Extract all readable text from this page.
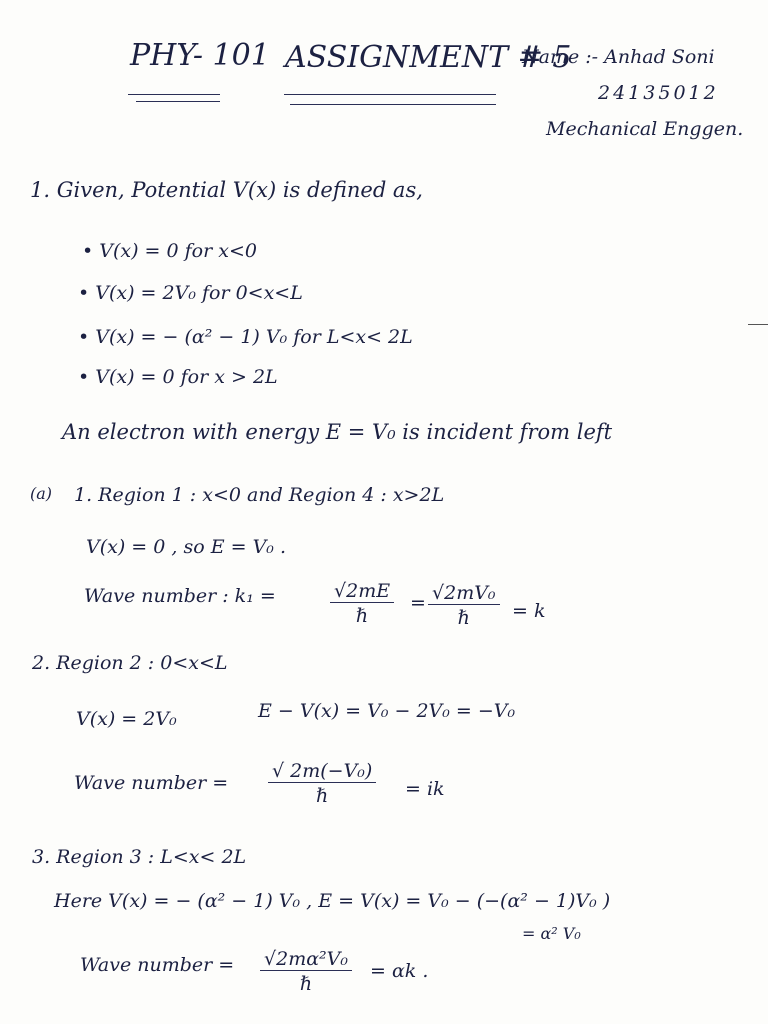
PHY- 101 ASSIGNMENT # 5
Name :- Anhad Soni
24135012
Mechanical Enggen.
1. Given, Potential V(x) is defined as,
• V(x) = 0 for x<0
• V(x) = 2V₀ for 0<x<L
• V(x) = − (α² − 1) V₀ for L<x< 2L
• V(x) = 0 for x > 2L
An electron with energy E = V₀ is incident from left
(a) 1. Region 1 : x<0 and Region 4 : x>2L
V(x) = 0 , so E = V₀ .
Wave number : k₁ =	√2mE
ℏ
= √2mV₀
ℏ = k
2. Region 2 : 0<x<L
V(x) = 2V₀	E − V(x) = V₀ − 2V₀ = −V₀
Wave number =
√ 2m(−V₀)
ℏ	= ik
3. Region 3 : L<x< 2L
Here V(x) = − (α² − 1) V₀ , E = V(x) = V₀ − (−(α² − 1)V₀ )
= α² V₀
Wave number = √2mα²V₀
ℏ
= αk .
